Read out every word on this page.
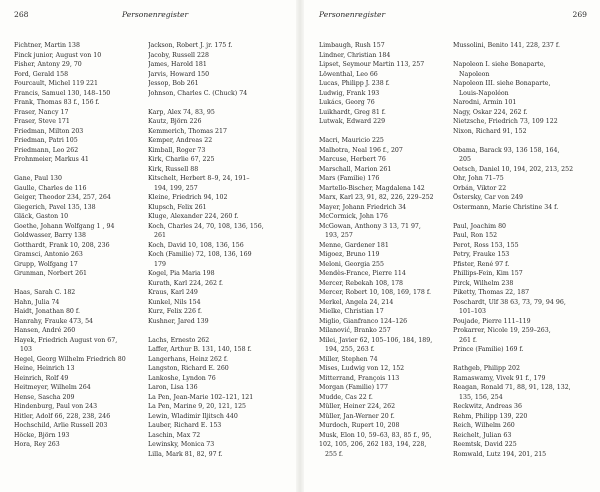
268	Personenregister
Fichtner, Martin 138
Finck junior, August von 10
Fisher, Antony 29, 70
Ford, Gerald 158
Fourcault, Michel 119 221
Francis, Samuel 130, 148–150
Frank, Thomas 83 f., 156 f.
Fraser, Nancy 17
Fraser, Steve 171
Friedman, Milton 203
Friedman, Patri 105
Friedmann, Leo 262
Frohnmeier, Markus 41
Gane, Paul 130
Gaulle, Charles de 116
Geiger, Theodor 234, 257, 264
Giegerich, Pavel 135, 138
Gläck, Gaston 10
Goethe, Johann Wolfgang 1 , 94
Goldwasser, Barry 138
Gotthardt, Frank 10, 208, 236
Gramsci, Antonio 263
Grupp, Wolfgang 17
Grunman, Norbert 261
Haas, Sarah C. 182
Hahn, Julia 74
Haidt, Jonathan 80 f.
Hanrahy, Frauke 473, 54
Hansen, André 260
Hayek, Friedrich August von 67,
103
Hegel, Georg Wilhelm Friedrich 80
Heine, Heinrich 13
Heinrich, Rolf 49
Heitmeyer, Wilhelm 264
Hense, Sascha 209
Hindenburg, Paul von 243
Hitler, Adolf 66, 228, 238, 246
Hochschild, Arlie Russell 203
Höcke, Björn 193
Hora, Rey 263
Jackson, Robert J. jr. 175 f.
Jacoby, Russell 228
James, Harold 181
Jarvis, Howard 150
Jessop, Bob 261
Johnson, Charles C. (Chuck) 74
Karp, Alex 74, 83, 95
Kautz, Björn 226
Kemmerich, Thomas 217
Kemper, Andreas 22
Kimball, Roger 73
Kirk, Charlie 67, 225
Kirk, Russell 88
Kitschelt, Herbert 8–9, 24, 191–
194, 199, 257
Kleine, Friedrich 94, 102
Klupsch, Felix 261
Kluge, Alexander 224, 260 f.
Koch, Charles 24, 70, 108, 136, 156,
261
Koch, David 10, 108, 136, 156
Koch (Familie) 72, 108, 136, 169
179
Kogel, Pia Maria 198
Kurath, Karl 224, 262 f.
Kraus, Karl 249
Kunkel, Nils 154
Kurz, Felix 226 f.
Kushner, Jared 139
Lachs, Ernesto 262
Laffer, Arthur B. 131, 140, 158 f.
Langerhans, Heinz 262 f.
Langston, Richard E. 260
Lankoshe, Lyndon 76
Laron, Lisa 136
La Pen, Jean-Marie 102–121, 121
La Pen, Marine 9, 20, 121, 125
Lewin, Wladimir Iljitsch 440
Lauber, Richard E. 153
Laschin, Max 72
Lewinsky, Monica 73
Lilla, Mark 81, 82, 97 f.
Personenregister	269
Limbaugh, Rush 157
Lindner, Christian 184
Lipset, Seymour Martin 113, 257
Löwenthal, Leo 66
Lucas, Philipp J. 238 f.
Ludwig, Frank 193
Lukács, Georg 76
Luikhardt, Greg 81 f.
Lutwak, Edward 229
Macri, Mauricio 225
Malhotra, Neal 196 f., 207
Marcuse, Herbert 76
Marschall, Marion 261
Mars (Familie) 176
Martello-Bischer, Magdalena 142
Marx, Karl 23, 91, 82, 226, 229–252
Mayer, Johann Friedrich 34
McCormick, John 176
McGowan, Anthony 3 13, 71 97,
193, 257
Menne, Gardener 181
Migoez, Bruno 119
Meloni, Georgia 255
Mendès-France, Pierre 114
Mercer, Rebekah 108, 178
Mercer, Robert 10, 108, 169, 178 f.
Merkel, Angela 24, 214
Mielke, Christian 17
Miglio, Gianfranco 124–126
Milanović, Branko 257
Milei, Javier 62, 105–106, 184, 189,
194, 255, 263 f.
Miller, Stephen 74
Mises, Ludwig von 12, 152
Mitterrand, François 113
Morgan (Familie) 177
Mudde, Cas 22 f.
Müller, Heiner 224, 262
Müller, Jan-Werner 20 f.
Murdoch, Rupert 10, 208
Musk, Elon 10, 59–63, 83, 85 f., 95,
102, 105, 206, 262 183, 194, 228,
255 f.
Mussolini, Benito 141, 228, 237 f.
Napoleon I. siehe Bonaparte,
Napoleon
Napoleon III. siehe Bonaparte,
Louis-Napoléon
Narodni, Armin 101
Nagy, Oskar 224, 262 f.
Nietzsche, Friedrich 73, 109 122
Nixon, Richard 91, 152
Obama, Barack 93, 136 158, 164,
205
Oetsch, Daniel 10, 194, 202, 213, 252
Ohr, John 71–75
Orbán, Viktor 22
Östersky, Car von 249
Ostermann, Marie Christine 34 f.
Paul, Joachim 80
Paul, Ron 152
Perot, Ross 153, 155
Petry, Frauke 153
Pfister, René 97 f.
Phillips-Fein, Kim 157
Pirck, Wilhelm 238
Piketty, Thomas 22, 187
Poschardt, Ulf 38 63, 73, 79, 94 96,
101–103
Poujade, Pierre 111–119
Prokarrer, Nicole 19, 259–263,
261 f.
Prince (Familie) 169 f.
Rathgeb, Philipp 202
Ramaswamy, Vivek 91 f., 179
Reagan, Ronald 71, 88, 91, 128, 132,
135, 156, 254
Reckwitz, Andreas 36
Rehm, Philipp 139, 220
Reich, Wilhelm 260
Reichelt, Julian 63
Reemtsk, David 225
Romwald, Lutz 194, 201, 215
